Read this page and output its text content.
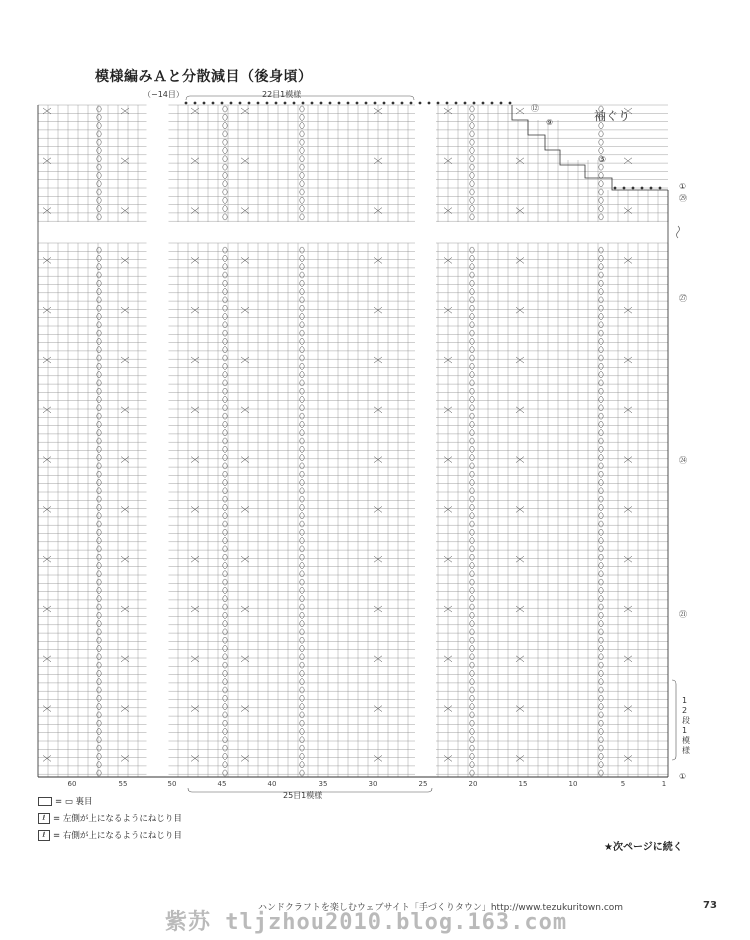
模様編みＡと分散減目（後身頃）
（−14目）	22目1模様
袖ぐり
60	55	50	45	40	35	30	25	20	15	10	5	1
25目1模様
⑫
⑨
⑤
①
㉙
㉗
㉔
㉑
①
12段1模様
= ▭ 裏目
ℓ = 左側が上になるようにねじり目
ℓ = 右側が上になるようにねじり目
★次ページに続く
ハンドクラフトを楽しむウェブサイト「手づくりタウン」http://www.tezukuritown.com	73
紫苏 tljzhou2010.blog.163.com
